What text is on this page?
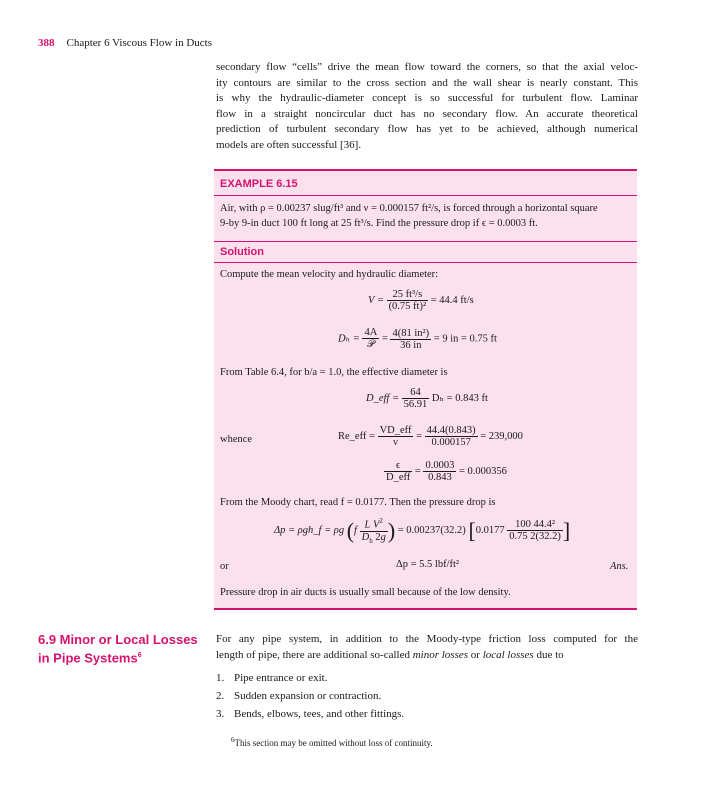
388 Chapter 6 Viscous Flow in Ducts
secondary flow “cells” drive the mean flow toward the corners, so that the axial veloc-
ity contours are similar to the cross section and the wall shear is nearly constant. This
is why the hydraulic-diameter concept is so successful for turbulent flow. Laminar
flow in a straight noncircular duct has no secondary flow. An accurate theoretical
prediction of turbulent secondary flow has yet to be achieved, although numerical
models are often successful [36].
EXAMPLE 6.15
Air, with ρ = 0.00237 slug/ft³ and ν = 0.000157 ft²/s, is forced through a horizontal square
9-by 9-in duct 100 ft long at 25 ft³/s. Find the pressure drop if ϵ = 0.0003 ft.
Solution
Compute the mean velocity and hydraulic diameter:
$V = \frac{\text{25 ft³/s}}{\text{(0.75 ft)²}} = 44.4$ ft/s
$D_h = \frac{4A}{\text{𝒫}} = \frac{\text{4(81 in²)}}{36 in} = 9$ in = 0.75 ft
From Table 6.4, for b/a = 1.0, the effective diameter is
D_eff = $\frac{64}{56.91}$ Dₕ = 0.843 ft
whence	Re_eff = $\frac{\text{VD\_eff}}{\nu} = \frac{44.4(0.843)}{0.000157} = 239,000$
$\frac{\epsilon}{\text{D\_eff}} = \frac{0.0003}{0.843} = 0.000356$
From the Moody chart, read f = 0.0177. Then the pressure drop is
Δp = ρgh_f = ρg ($f \frac{L V^2}{D_h 2g}$ ) = 0.00237(32.2) [$0.0177 \frac{\text{100 44.4²}}{0.75 2(32.2)}$ ]
or	Δp = 5.5 lbf/ft²	Ans.
Pressure drop in air ducts is usually small because of the low density.
6.9 Minor or Local Losses
in Pipe Systems$^6$
For any pipe system, in addition to the Moody-type friction loss computed for the
length of pipe, there are additional so-called minor losses or local losses due to
1. Pipe entrance or exit.
2. Sudden expansion or contraction.
3. Bends, elbows, tees, and other fittings.
$^6$This section may be omitted without loss of continuity.
